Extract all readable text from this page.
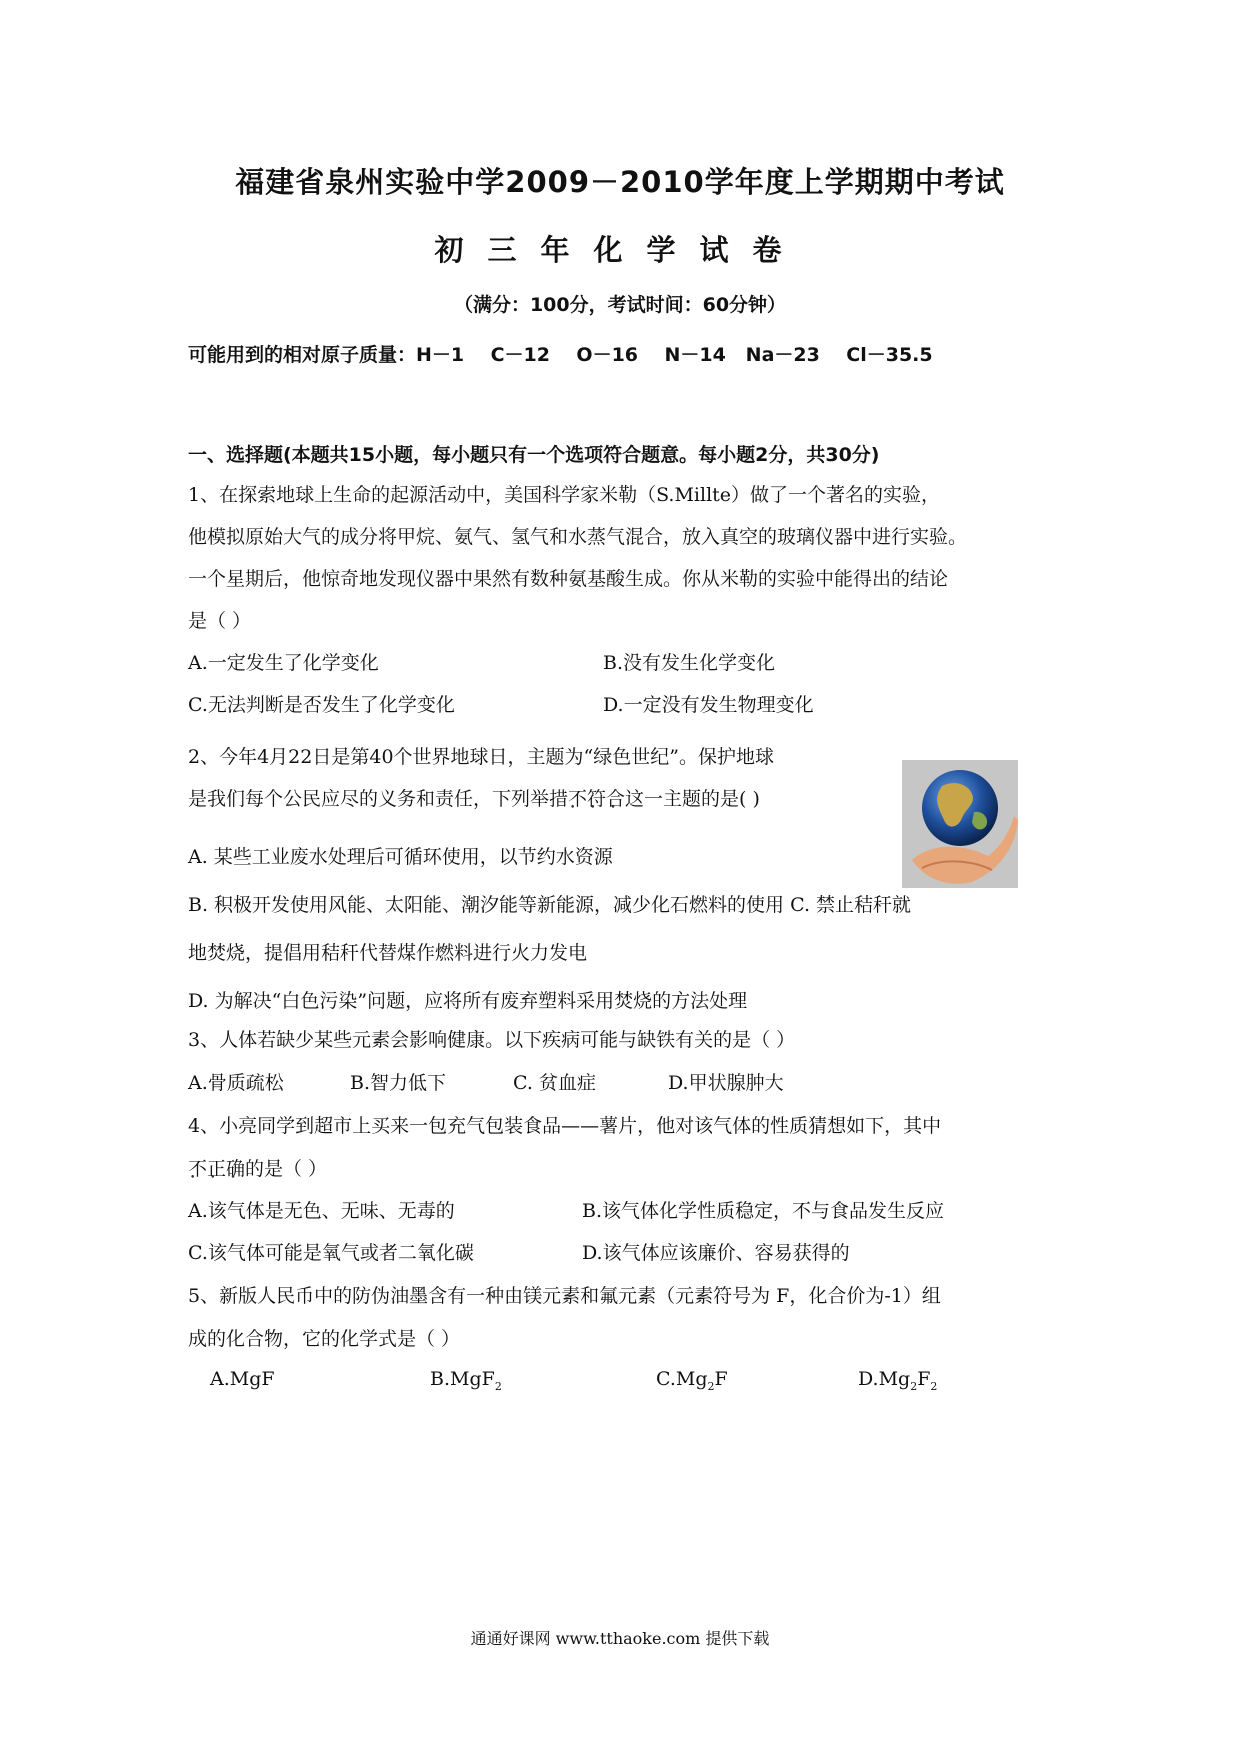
福建省泉州实验中学2009－2010学年度上学期期中考试
初三年化学试卷
（满分：100分，考试时间：60分钟）
可能用到的相对原子质量：H－1    C－12    O－16    N－14   Na－23    Cl－35.5
一、选择题(本题共15小题，每小题只有一个选项符合题意。每小题2分，共30分)
1、在探索地球上生命的起源活动中，美国科学家米勒（S.Millte）做了一个著名的实验，
他模拟原始大气的成分将甲烷、氨气、氢气和水蒸气混合，放入真空的玻璃仪器中进行实验。
一个星期后，他惊奇地发现仪器中果然有数种氨基酸生成。你从米勒的实验中能得出的结论
是（ ）
A.一定发生了化学变化	B.没有发生化学变化
C.无法判断是否发生了化学变化	D.一定没有发生物理变化
2、今年4月22日是第40个世界地球日，主题为“绿色世纪”。保护地球
是我们每个公民应尽的义务和责任，下列举措不符合 • • •这一主题的是( )
A. 某些工业废水处理后可循环使用，以节约水资源
B. 积极开发使用风能、太阳能、潮汐能等新能源，减少化石燃料的使用 C. 禁止秸秆就
地焚烧，提倡用秸秆代替煤作燃料进行火力发电
D. 为解决“白色污染”问题，应将所有废弃塑料采用焚烧的方法处理
3、人体若缺少某些元素会影响健康。以下疾病可能与缺铁有关的是（ ）
A.骨质疏松	B.智力低下	C. 贫血症	D.甲状腺肿大
4、小亮同学到超市上买来一包充气包装食品——薯片，他对该气体的性质猜想如下，其中
不正确 • • •的是（ ）
A.该气体是无色、无味、无毒的	B.该气体化学性质稳定，不与食品发生反应
C.该气体可能是氧气或者二氧化碳	D.该气体应该廉价、容易获得的
5、新版人民币中的防伪油墨含有一种由镁元素和氟元素（元素符号为 F，化合价为-1）组
成的化合物，它的化学式是（ ）
A.MgF	B.MgF$_2$	$C.Mg_2F$	$D.Mg_2F_2$
通通好课网 www.tthaoke.com 提供下载
